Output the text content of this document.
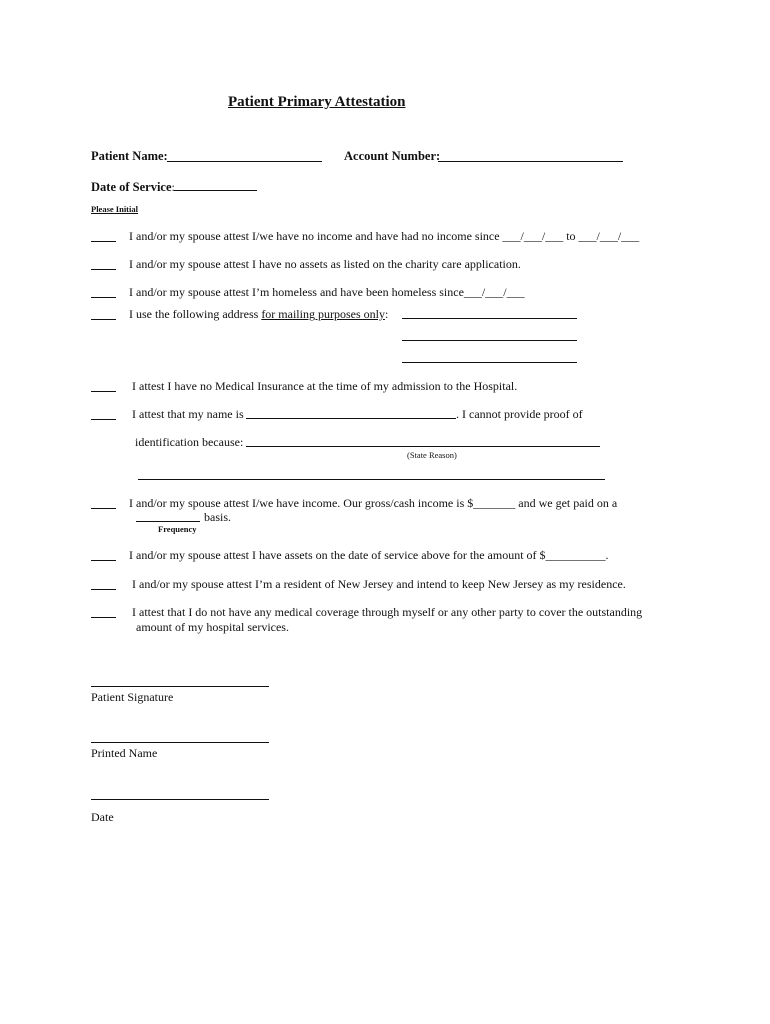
Patient Primary Attestation
Patient Name:	Account Number:
Date of Service:
Please Initial
I and/or my spouse attest I/we have no income and have had no income since ___/___/___ to ___/___/___
I and/or my spouse attest I have no assets as listed on the charity care application.
I and/or my spouse attest I’m homeless and have been homeless since___/___/___
I use the following address for mailing purposes only:
I attest I have no Medical Insurance at the time of my admission to the Hospital.
I attest that my name is	. I cannot provide proof of
identification because:
(State Reason)
I and/or my spouse attest I/we have income. Our gross/cash income is $_______ and we get paid on a
basis.
Frequency
I and/or my spouse attest I have assets on the date of service above for the amount of $__________.
I and/or my spouse attest I’m a resident of New Jersey and intend to keep New Jersey as my residence.
I attest that I do not have any medical coverage through myself or any other party to cover the outstanding
amount of my hospital services.
Patient Signature
Printed Name
Date
